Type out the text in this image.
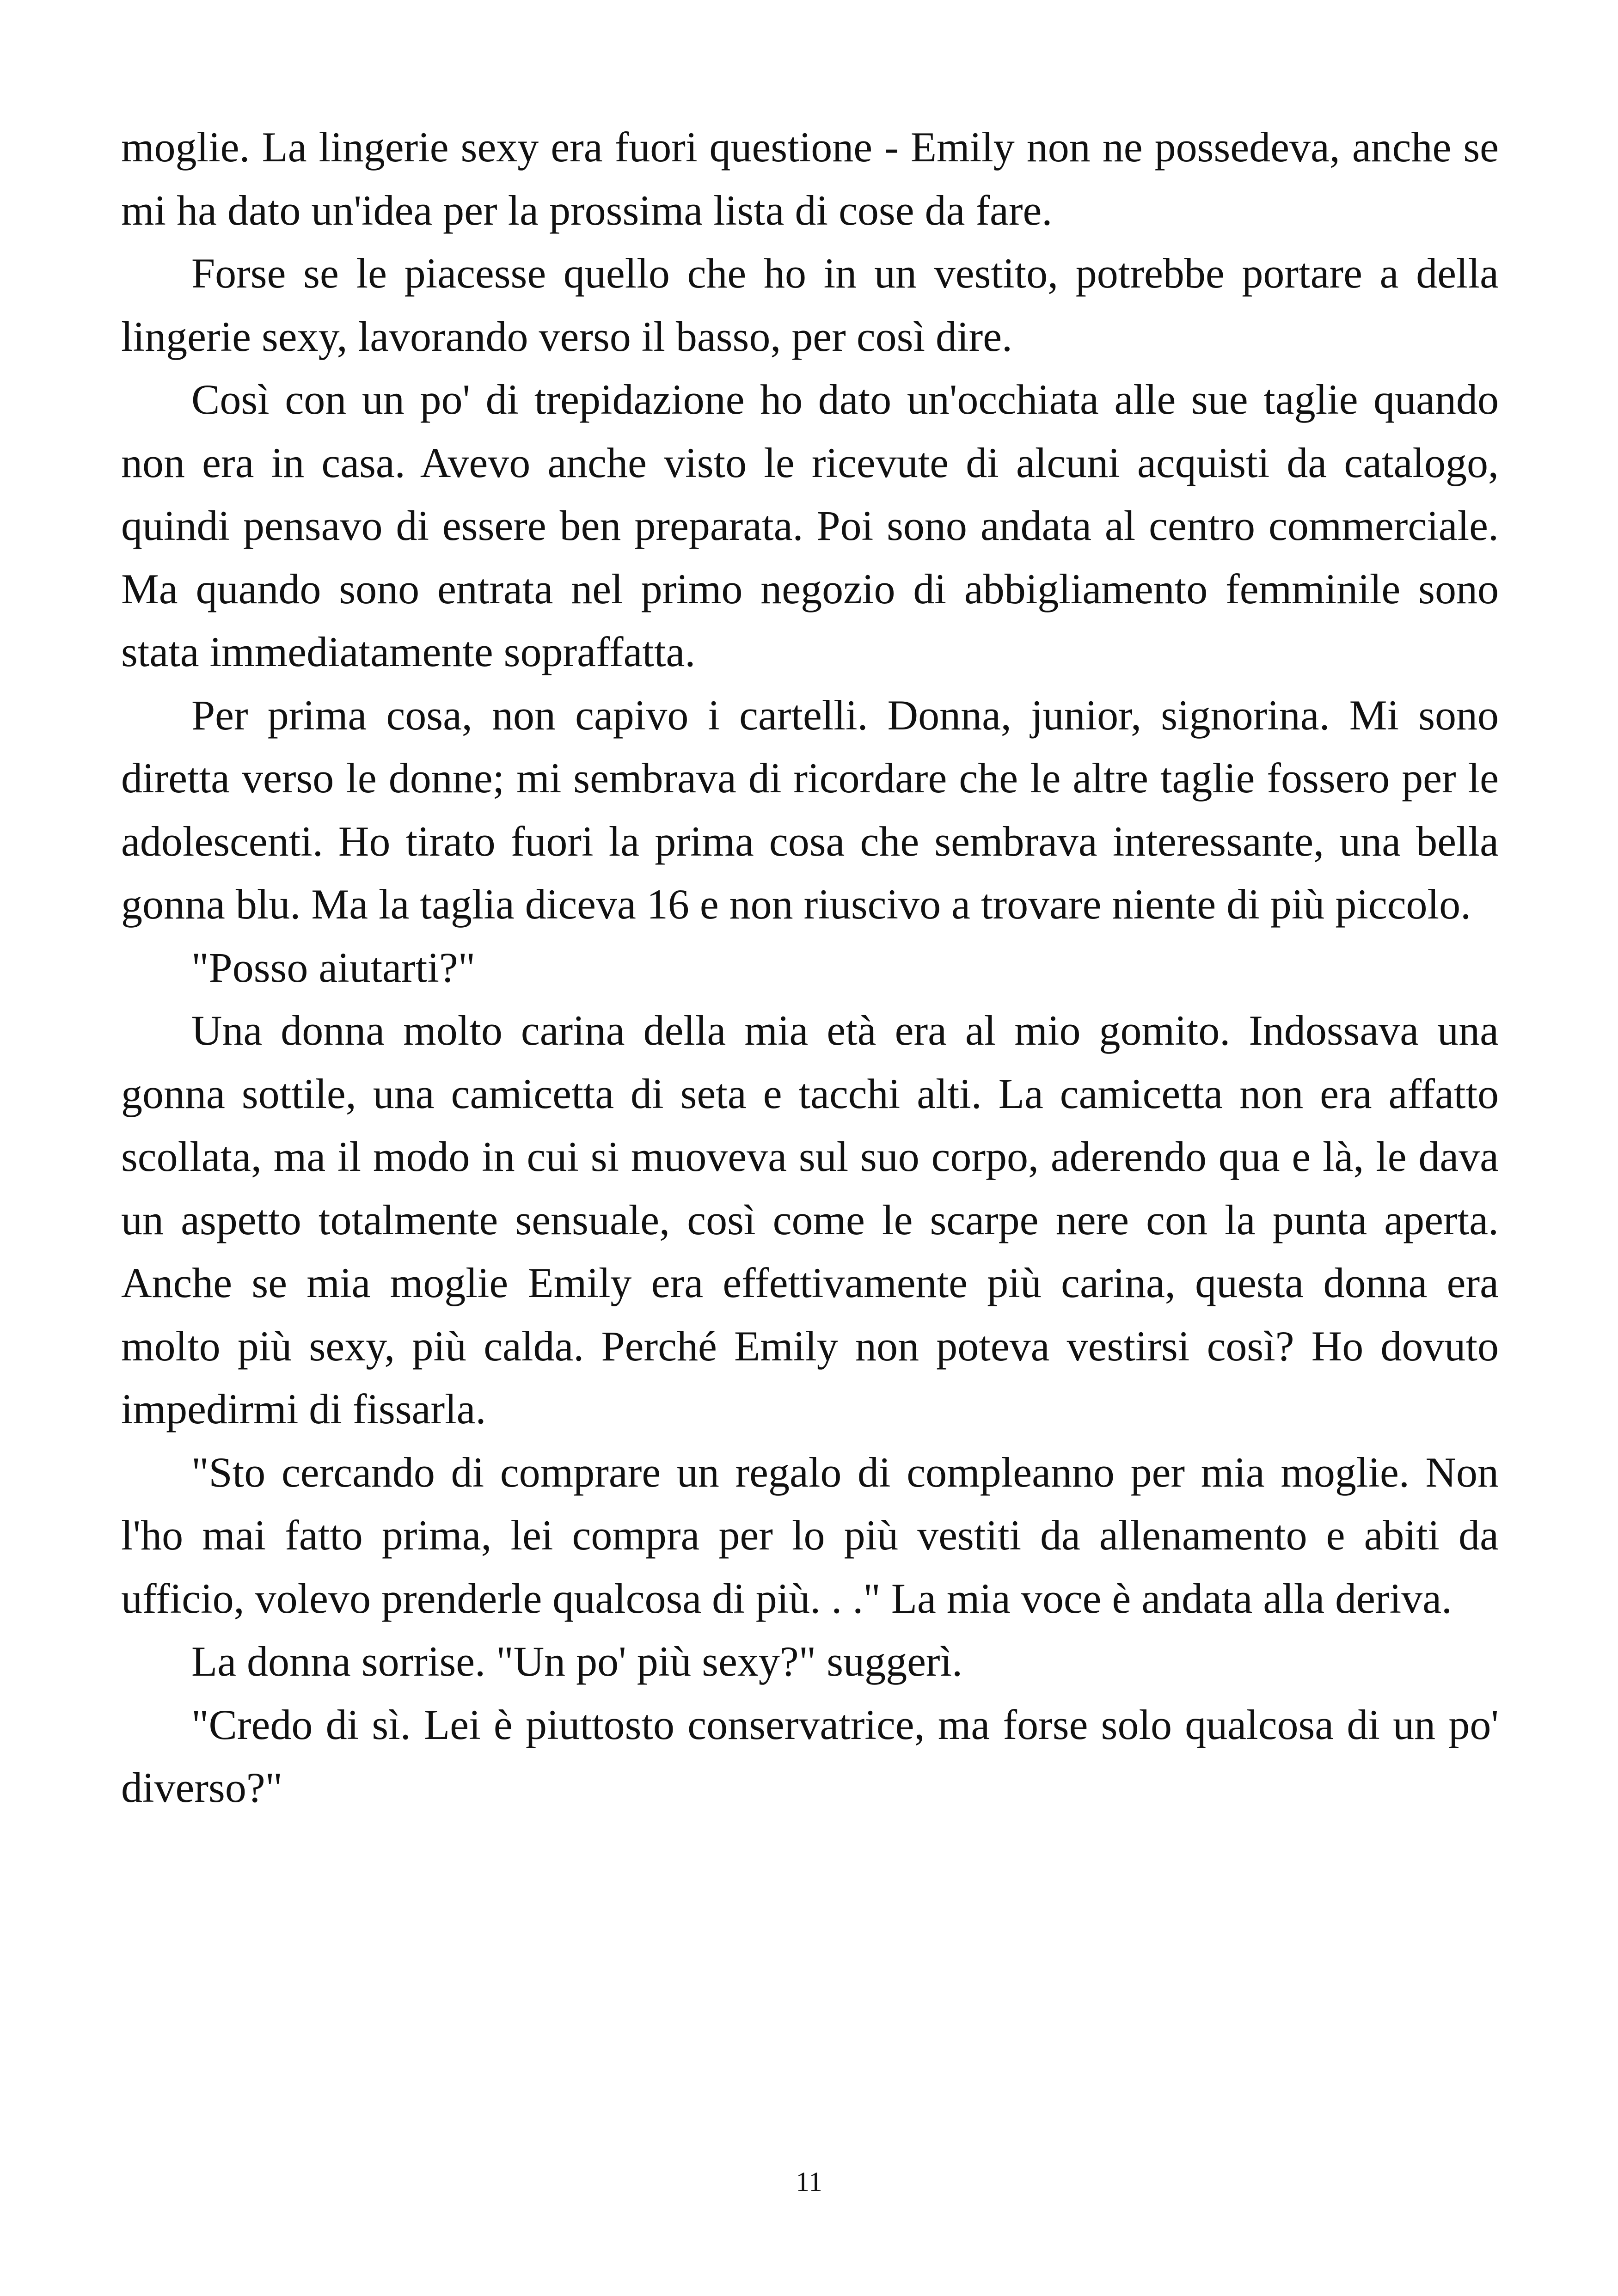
moglie. La lingerie sexy era fuori questione - Emily non ne possedeva, anche se mi ha dato un'idea per la prossima lista di cose da fare.

Forse se le piacesse quello che ho in un vestito, potrebbe portare a della lingerie sexy, lavorando verso il basso, per così dire.

Così con un po' di trepidazione ho dato un'occhiata alle sue taglie quando non era in casa. Avevo anche visto le ricevute di alcuni acquisti da catalogo, quindi pensavo di essere ben preparata. Poi sono andata al centro commerciale. Ma quando sono entrata nel primo negozio di abbigliamento femminile sono stata immediatamente sopraffatta.

Per prima cosa, non capivo i cartelli. Donna, junior, signorina. Mi sono diretta verso le donne; mi sembrava di ricordare che le altre taglie fossero per le adolescenti. Ho tirato fuori la prima cosa che sembrava interessante, una bella gonna blu. Ma la taglia diceva 16 e non riuscivo a trovare niente di più piccolo.

"Posso aiutarti?"

Una donna molto carina della mia età era al mio gomito. Indossava una gonna sottile, una camicetta di seta e tacchi alti. La camicetta non era affatto scollata, ma il modo in cui si muoveva sul suo corpo, aderendo qua e là, le dava un aspetto totalmente sensuale, così come le scarpe nere con la punta aperta. Anche se mia moglie Emily era effettivamente più carina, questa donna era molto più sexy, più calda. Perché Emily non poteva vestirsi così? Ho dovuto impedirmi di fissarla.

"Sto cercando di comprare un regalo di compleanno per mia moglie. Non l'ho mai fatto prima, lei compra per lo più vestiti da allenamento e abiti da ufficio, volevo prenderle qualcosa di più. . ." La mia voce è andata alla deriva.

La donna sorrise. "Un po' più sexy?" suggerì.

"Credo di sì. Lei è piuttosto conservatrice, ma forse solo qualcosa di un po' diverso?"

11
